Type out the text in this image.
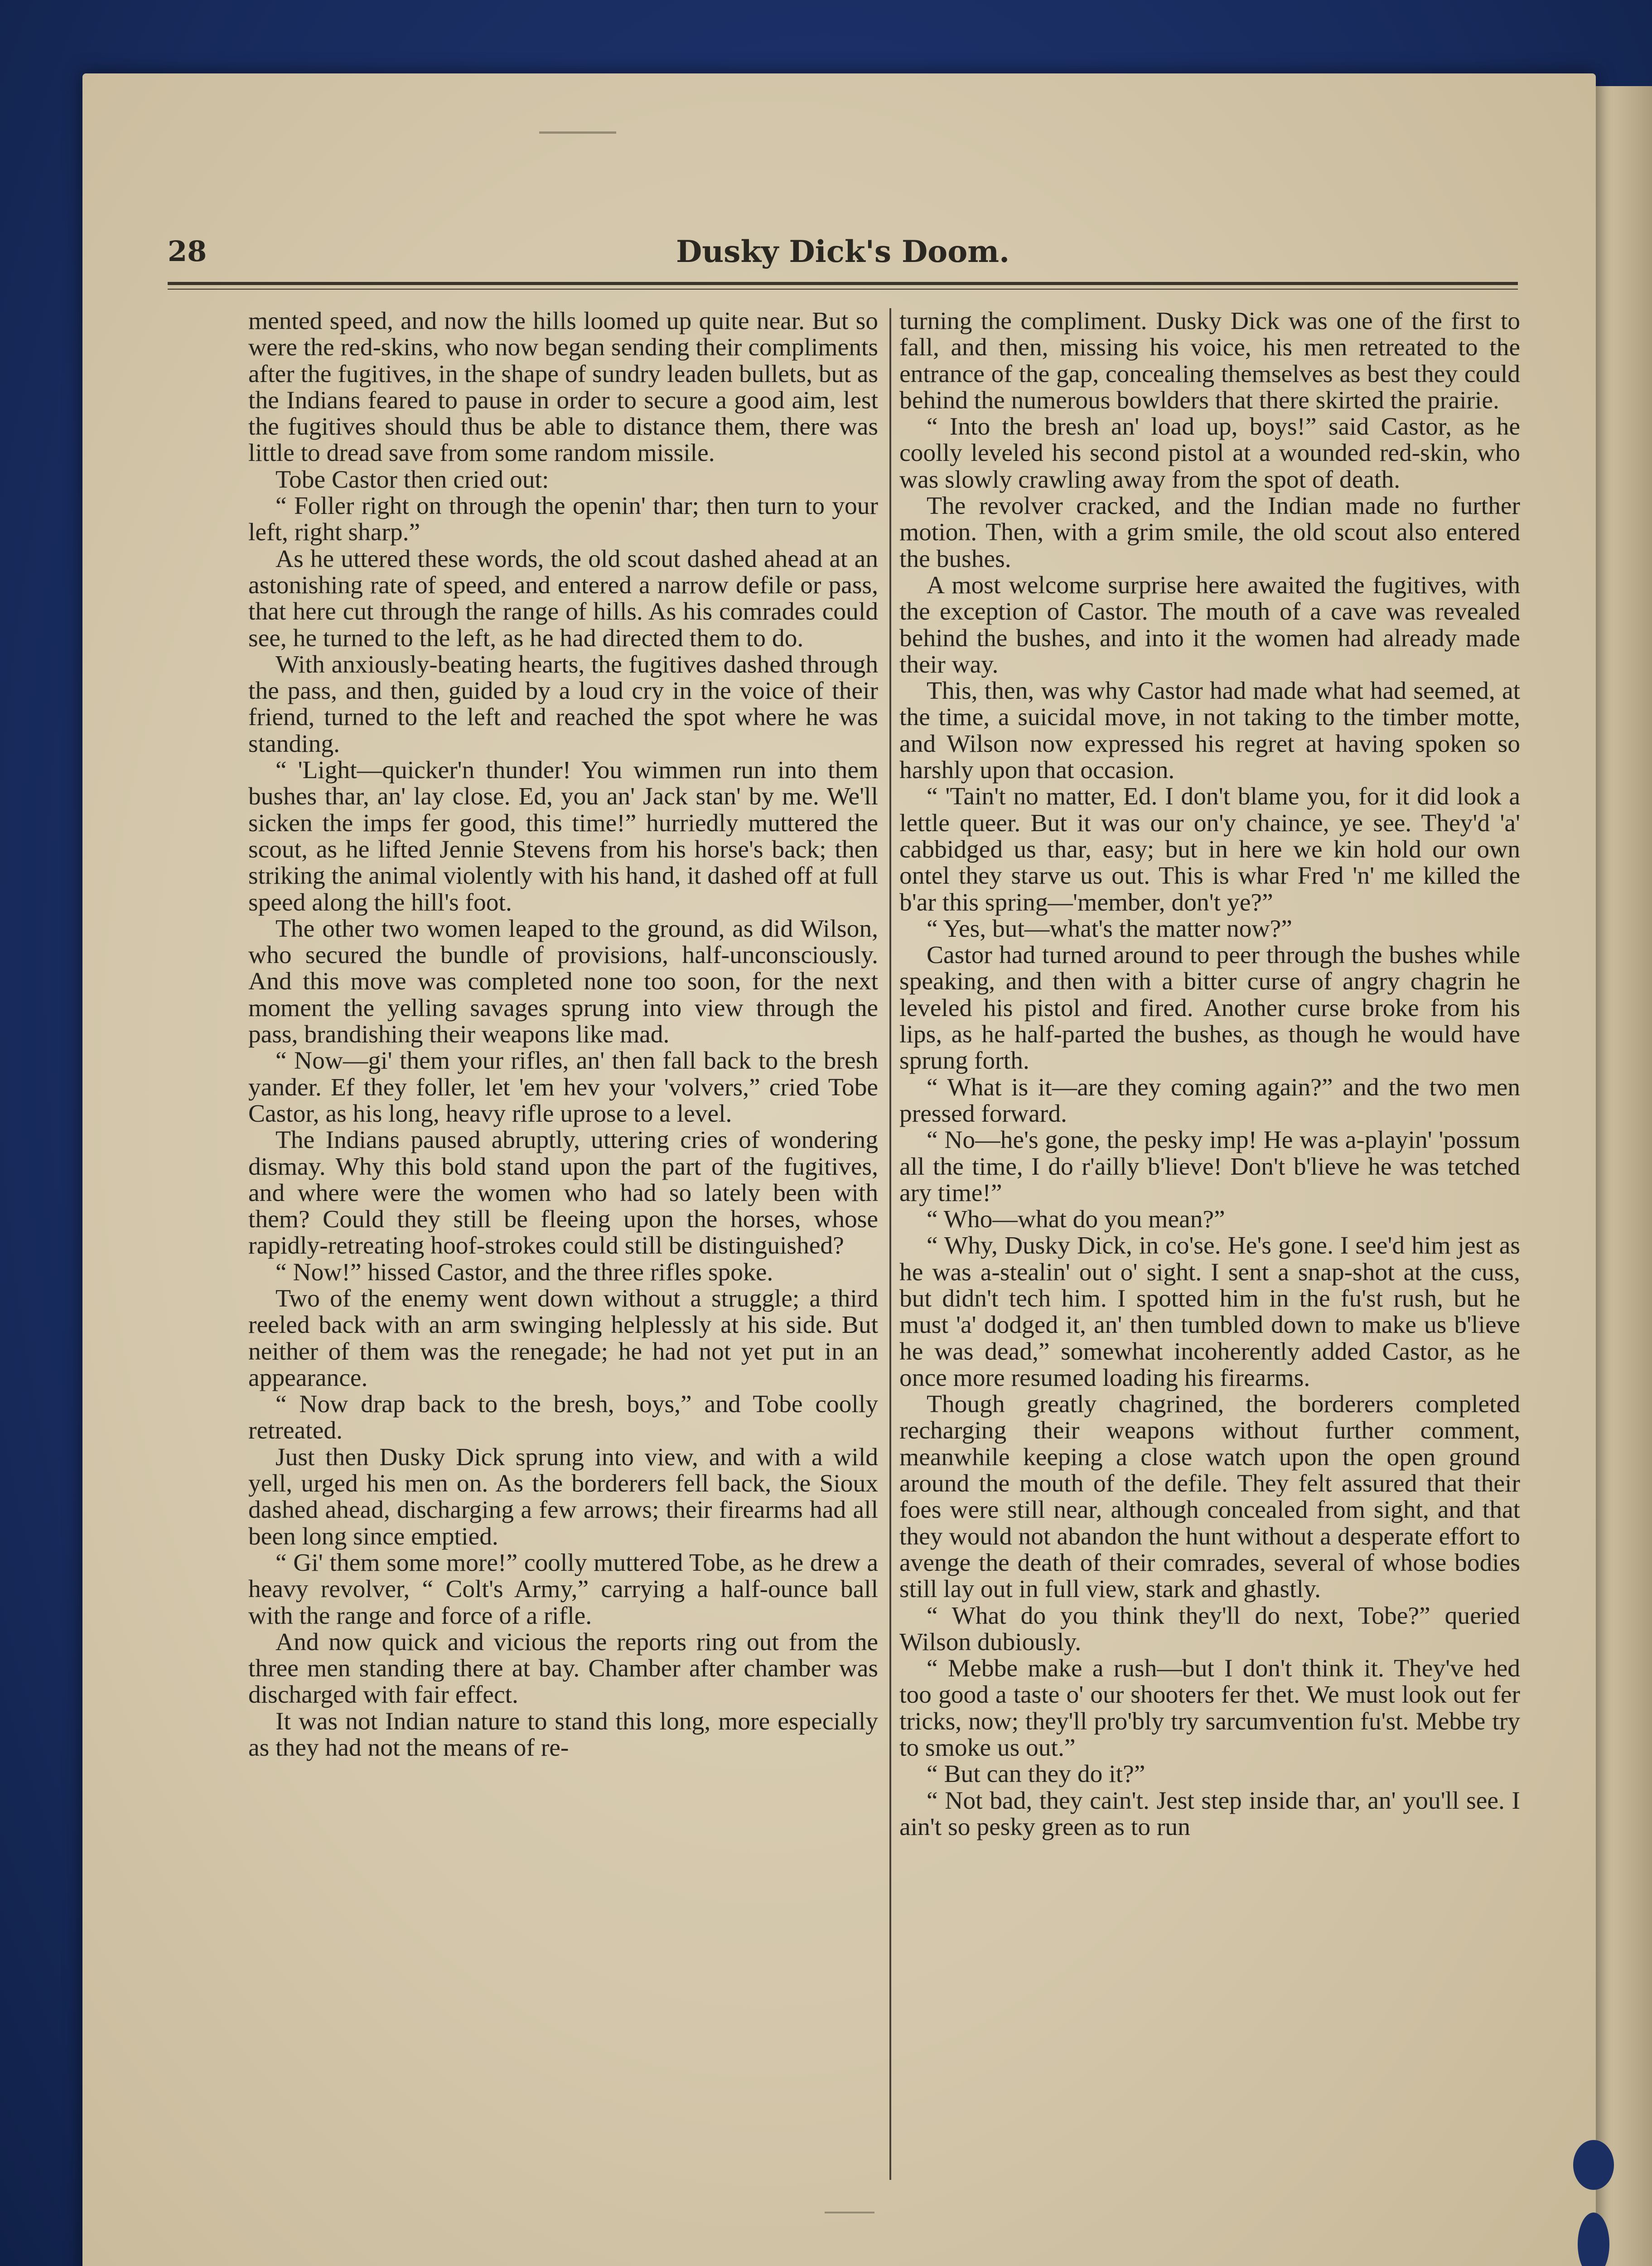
28	Dusky Dick's Doom.

mented speed, and now the hills loomed up quite near. But so were the red-skins, who now began sending their compliments after the fugitives, in the shape of sundry leaden bullets, but as the Indians feared to pause in order to secure a good aim, lest the fugitives should thus be able to distance them, there was little to dread save from some random missile.

Tobe Castor then cried out:

“ Foller right on through the openin' thar; then turn to your left, right sharp.”

As he uttered these words, the old scout dashed ahead at an astonishing rate of speed, and entered a narrow defile or pass, that here cut through the range of hills. As his comrades could see, he turned to the left, as he had directed them to do.

With anxiously-beating hearts, the fugitives dashed through the pass, and then, guided by a loud cry in the voice of their friend, turned to the left and reached the spot where he was standing.

“ 'Light—quicker'n thunder! You wimmen run into them bushes thar, an' lay close. Ed, you an' Jack stan' by me. We'll sicken the imps fer good, this time!” hurriedly muttered the scout, as he lifted Jennie Stevens from his horse's back; then striking the animal violently with his hand, it dashed off at full speed along the hill's foot.

The other two women leaped to the ground, as did Wilson, who secured the bundle of provisions, half-unconsciously. And this move was completed none too soon, for the next moment the yelling savages sprung into view through the pass, brandishing their weapons like mad.

“ Now—gi' them your rifles, an' then fall back to the bresh yander. Ef they foller, let 'em hev your 'volvers,” cried Tobe Castor, as his long, heavy rifle uprose to a level.

The Indians paused abruptly, uttering cries of wondering dismay. Why this bold stand upon the part of the fugitives, and where were the women who had so lately been with them? Could they still be fleeing upon the horses, whose rapidly-retreating hoof-strokes could still be distinguished?

“ Now!” hissed Castor, and the three rifles spoke.

Two of the enemy went down without a struggle; a third reeled back with an arm swinging helplessly at his side. But neither of them was the renegade; he had not yet put in an appearance.

“ Now drap back to the bresh, boys,” and Tobe coolly retreated.

Just then Dusky Dick sprung into view, and with a wild yell, urged his men on. As the borderers fell back, the Sioux dashed ahead, discharging a few arrows; their firearms had all been long since emptied.

“ Gi' them some more!” coolly muttered Tobe, as he drew a heavy revolver, “ Colt's Army,” carrying a half-ounce ball with the range and force of a rifle.

And now quick and vicious the reports ring out from the three men standing there at bay. Chamber after chamber was discharged with fair effect.

It was not Indian nature to stand this long, more especially as they had not the means of re-

turning the compliment. Dusky Dick was one of the first to fall, and then, missing his voice, his men retreated to the entrance of the gap, concealing themselves as best they could behind the numerous bowlders that there skirted the prairie.

“ Into the bresh an' load up, boys!” said Castor, as he coolly leveled his second pistol at a wounded red-skin, who was slowly crawling away from the spot of death.

The revolver cracked, and the Indian made no further motion. Then, with a grim smile, the old scout also entered the bushes.

A most welcome surprise here awaited the fugitives, with the exception of Castor. The mouth of a cave was revealed behind the bushes, and into it the women had already made their way.

This, then, was why Castor had made what had seemed, at the time, a suicidal move, in not taking to the timber motte, and Wilson now expressed his regret at having spoken so harshly upon that occasion.

“ 'Tain't no matter, Ed. I don't blame you, for it did look a lettle queer. But it was our on'y chaince, ye see. They'd 'a' cabbidged us thar, easy; but in here we kin hold our own ontel they starve us out. This is whar Fred 'n' me killed the b'ar this spring—'member, don't ye?”

“ Yes, but—what's the matter now?”

Castor had turned around to peer through the bushes while speaking, and then with a bitter curse of angry chagrin he leveled his pistol and fired. Another curse broke from his lips, as he half-parted the bushes, as though he would have sprung forth.

“ What is it—are they coming again?” and the two men pressed forward.

“ No—he's gone, the pesky imp! He was a-playin' 'possum all the time, I do r'ailly b'lieve! Don't b'lieve he was tetched ary time!”

“ Who—what do you mean?”

“ Why, Dusky Dick, in co'se. He's gone. I see'd him jest as he was a-stealin' out o' sight. I sent a snap-shot at the cuss, but didn't tech him. I spotted him in the fu'st rush, but he must 'a' dodged it, an' then tumbled down to make us b'lieve he was dead,” somewhat incoherently added Castor, as he once more resumed loading his firearms.

Though greatly chagrined, the borderers completed recharging their weapons without further comment, meanwhile keeping a close watch upon the open ground around the mouth of the defile. They felt assured that their foes were still near, although concealed from sight, and that they would not abandon the hunt without a desperate effort to avenge the death of their comrades, several of whose bodies still lay out in full view, stark and ghastly.

“ What do you think they'll do next, Tobe?” queried Wilson dubiously.

“ Mebbe make a rush—but I don't think it. They've hed too good a taste o' our shooters fer thet. We must look out fer tricks, now; they'll pro'bly try sarcumvention fu'st. Mebbe try to smoke us out.”

“ But can they do it?”

“ Not bad, they cain't. Jest step inside thar, an' you'll see. I ain't so pesky green as to run
